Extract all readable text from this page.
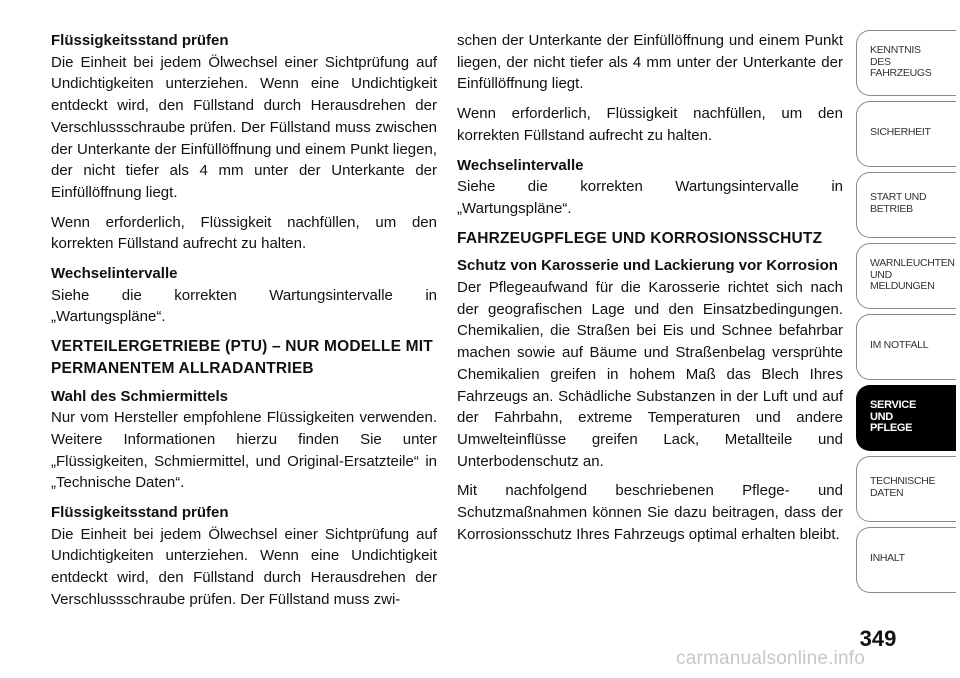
Flüssigkeitsstand prüfen

Die Einheit bei jedem Ölwechsel einer Sichtprüfung auf Undichtigkeiten unterziehen. Wenn eine Undichtigkeit entdeckt wird, den Füllstand durch Herausdrehen der Verschlussschraube prüfen. Der Füllstand muss zwischen der Unterkante der Einfüllöffnung und einem Punkt liegen, der nicht tiefer als 4 mm unter der Unterkante der Einfüllöffnung liegt.

Wenn erforderlich, Flüssigkeit nachfüllen, um den korrekten Füllstand aufrecht zu halten.

Wechselintervalle

Siehe die korrekten Wartungsintervalle in „Wartungspläne“.

VERTEILERGETRIEBE (PTU) – NUR MODELLE MIT PERMANENTEM ALLRADANTRIEB
Wahl des Schmiermittels

Nur vom Hersteller empfohlene Flüssigkeiten verwenden. Weitere Informationen hierzu finden Sie unter „Flüssigkeiten, Schmiermittel, und Original-Ersatzteile“ in „Technische Daten“.

Flüssigkeitsstand prüfen

Die Einheit bei jedem Ölwechsel einer Sichtprüfung auf Undichtigkeiten unterziehen. Wenn eine Undichtigkeit entdeckt wird, den Füllstand durch Herausdrehen der Verschlussschraube prüfen. Der Füllstand muss zwi-

schen der Unterkante der Einfüllöffnung und einem Punkt liegen, der nicht tiefer als 4 mm unter der Unterkante der Einfüllöffnung liegt.

Wenn erforderlich, Flüssigkeit nachfüllen, um den korrekten Füllstand aufrecht zu halten.

Wechselintervalle

Siehe die korrekten Wartungsintervalle in „Wartungspläne“.

FAHRZEUGPFLEGE UND KORROSIONSSCHUTZ
Schutz von Karosserie und Lackierung vor Korrosion

Der Pflegeaufwand für die Karosserie richtet sich nach der geografischen Lage und den Einsatzbedingungen. Chemikalien, die Straßen bei Eis und Schnee befahrbar machen sowie auf Bäume und Straßenbelag versprühte Chemikalien greifen in hohem Maß das Blech Ihres Fahrzeugs an. Schädliche Substanzen in der Luft und auf der Fahrbahn, extreme Temperaturen und andere Umwelteinflüsse greifen Lack, Metallteile und Unterbodenschutz an.

Mit nachfolgend beschriebenen Pflege- und Schutzmaßnahmen können Sie dazu beitragen, dass der Korrosionsschutz Ihres Fahrzeugs optimal erhalten bleibt.

KENNTNIS
DES
FAHRZEUGS
SICHERHEIT
START UND
BETRIEB
WARNLEUCHTEN
UND
MELDUNGEN
IM NOTFALL
SERVICE
UND
PFLEGE
TECHNISCHE
DATEN
INHALT
349
carmanualsonline.info
